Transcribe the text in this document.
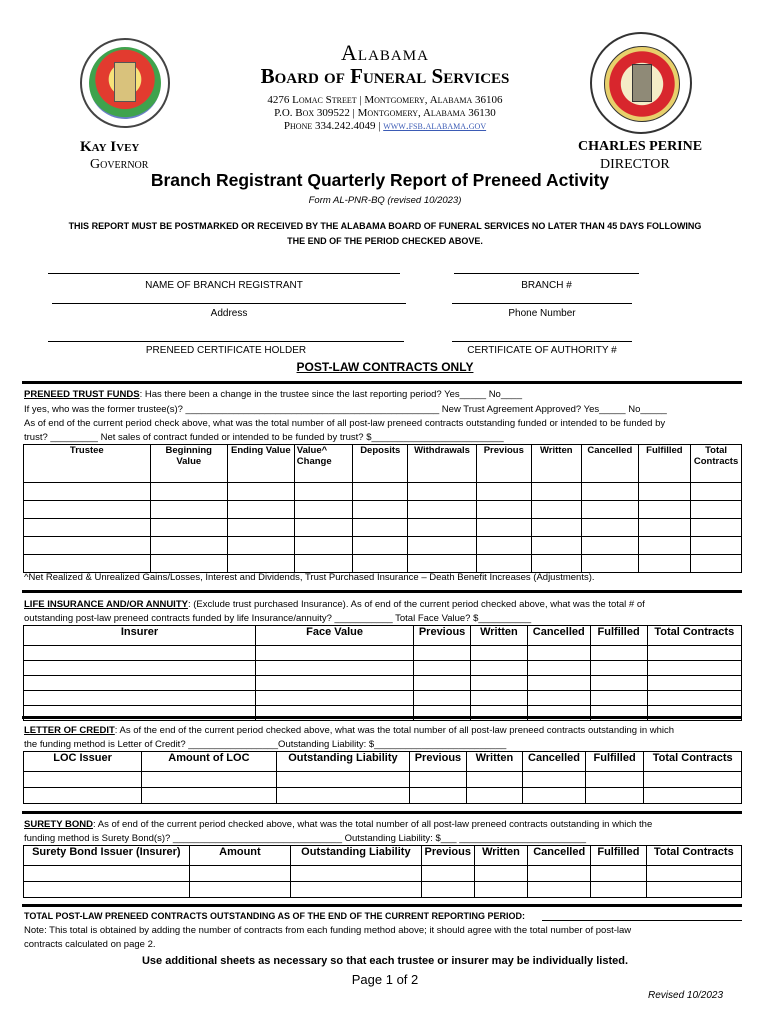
Alabama
Board of Funeral Services
4276 Lomac Street | Montgomery, Alabama 36106
P.O. Box 309522 | Montgomery, Alabama 36130
Phone 334.242.4049 | www.fsb.alabama.gov
Kay Ivey
Governor
CHARLES PERINE
DIRECTOR
Branch Registrant Quarterly Report of Preneed Activity
Form AL-PNR-BQ (revised 10/2023)
THIS REPORT MUST BE POSTMARKED OR RECEIVED BY THE ALABAMA BOARD OF FUNERAL SERVICES NO LATER THAN 45 DAYS FOLLOWING
THE END OF THE PERIOD CHECKED ABOVE.
NAME OF BRANCH REGISTRANT	BRANCH #
Address	Phone Number
PRENEED CERTIFICATE HOLDER	CERTIFICATE OF AUTHORITY #
POST-LAW CONTRACTS ONLY
PRENEED TRUST FUNDS: Has there been a change in the trustee since the last reporting period? Yes_____ No____
If yes, who was the former trustee(s)? ________________________________________________ New Trust Agreement Approved? Yes_____ No_____
As of end of the current period check above, what was the total number of all post-law preneed contracts outstanding funded or intended to be funded by
trust? _________ Net sales of contract funded or intended to be funded by trust? $_________________________
Trustee	Beginning Value	Ending Value	Value^ Change	Deposits	Withdrawals	Previous	Written	Cancelled	Fulfilled	Total Contracts

^Net Realized & Unrealized Gains/Losses, Interest and Dividends, Trust Purchased Insurance – Death Benefit Increases (Adjustments).
LIFE INSURANCE AND/OR ANNUITY: (Exclude trust purchased Insurance). As of end of the current period checked above, what was the total # of
outstanding post-law preneed contracts funded by life Insurance/annuity? ___________ Total Face Value? $__________
Insurer	Face Value	Previous	Written	Cancelled	Fulfilled	Total Contracts

LETTER OF CREDIT: As of the end of the current period checked above, what was the total number of all post-law preneed contracts outstanding in which
the funding method is Letter of Credit? _________________Outstanding Liability: $_________________________
LOC Issuer	Amount of LOC	Outstanding Liability	Previous	Written	Cancelled	Fulfilled	Total Contracts

SURETY BOND: As of end of the current period checked above, what was the total number of all post-law preneed contracts outstanding in which the
funding method is Surety Bond(s)? ________________________________ Outstanding Liability: $___ ________________________
Surety Bond Issuer (Insurer)	Amount	Outstanding Liability	Previous	Written	Cancelled	Fulfilled	Total Contracts

TOTAL POST-LAW PRENEED CONTRACTS OUTSTANDING AS OF THE END OF THE CURRENT REPORTING PERIOD:
Note: This total is obtained by adding the number of contracts from each funding method above; it should agree with the total number of post-law
contracts calculated on page 2.
Use additional sheets as necessary so that each trustee or insurer may be individually listed.
Page 1 of 2
Revised 10/2023
